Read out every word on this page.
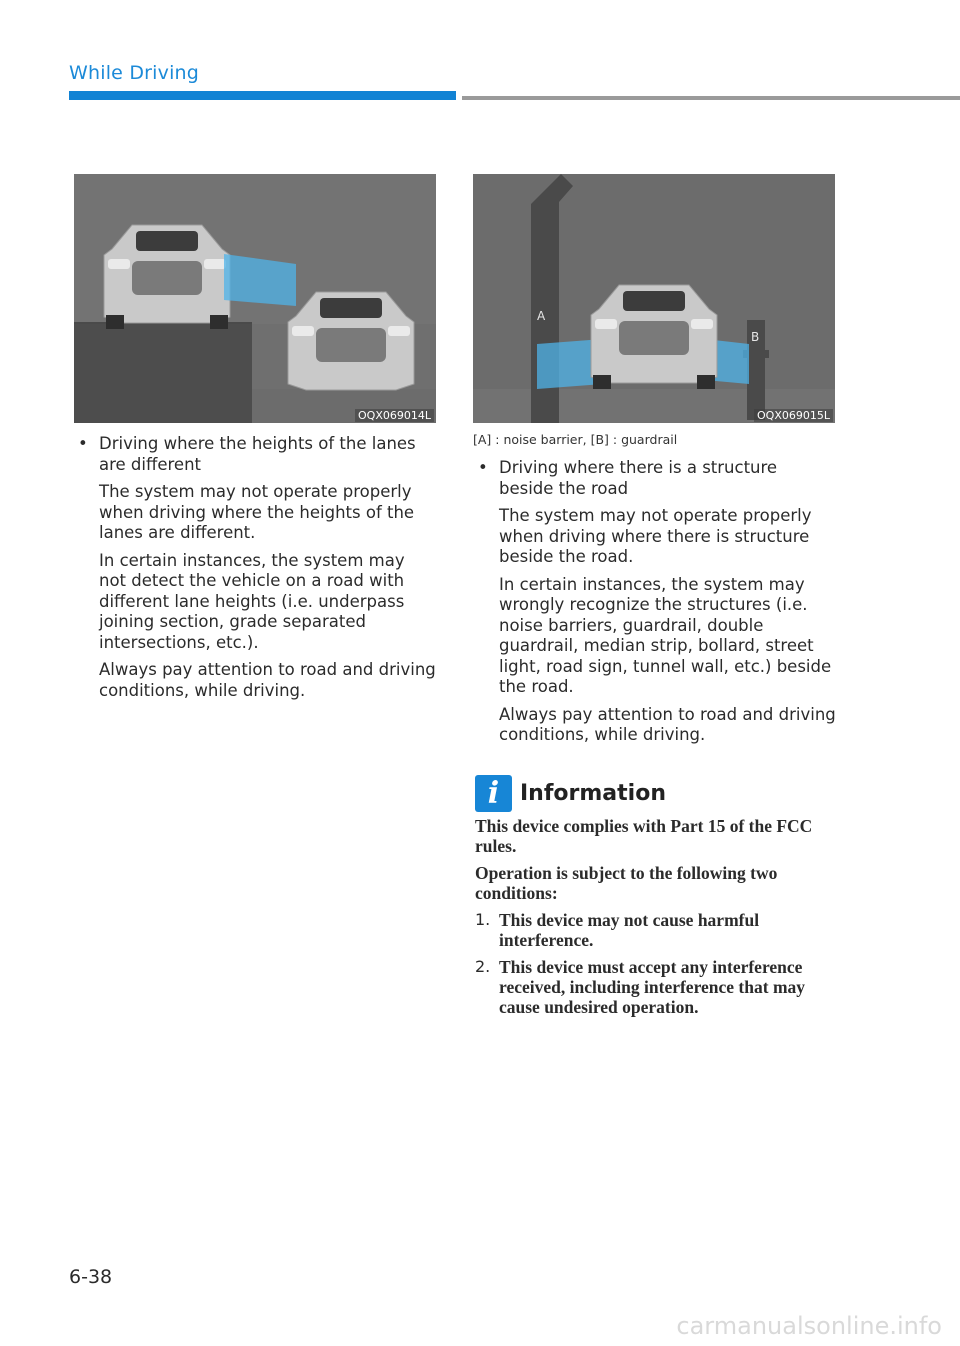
While Driving
OQX069014L
A
B
OQX069015L
[A] : noise barrier, [B] : guardrail
• Driving where the heights of the lanes are different
The system may not operate properly when driving where the heights of the lanes are different.
In certain instances, the system may not detect the vehicle on a road with different lane heights (i.e. underpass joining section, grade separated intersections, etc.).
Always pay attention to road and driving conditions, while driving.
• Driving where there is a structure beside the road
The system may not operate properly when driving where there is structure beside the road.
In certain instances, the system may wrongly recognize the structures (i.e. noise barriers, guardrail, double guardrail, median strip, bollard, street light, road sign, tunnel wall, etc.) beside the road.
Always pay attention to road and driving conditions, while driving.
i Information

This device complies with Part 15 of the FCC rules.

Operation is subject to the following two conditions:

1. This device may not cause harmful interference.
2. This device must accept any interference received, including interference that may cause undesired operation.
6-38
carmanualsonline.info
